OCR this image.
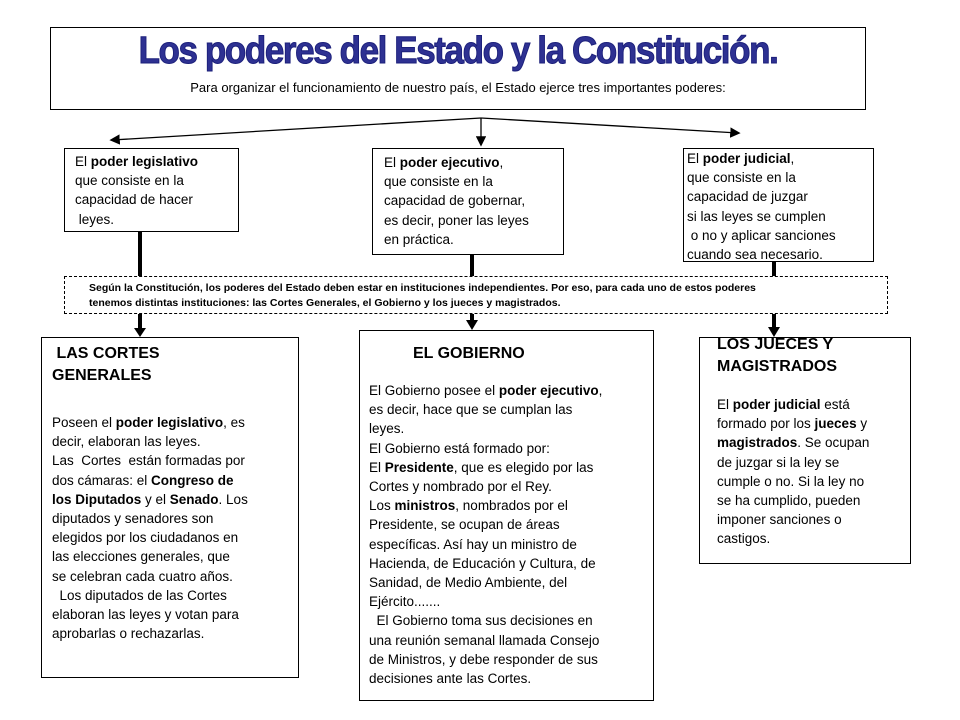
Los poderes del Estado y la Constitución.
Para organizar el funcionamiento de nuestro país, el Estado ejerce tres importantes poderes:
El poder legislativo
que consiste en la
capacidad de hacer
leyes.
El poder ejecutivo,
que consiste en la
capacidad de gobernar,
es decir, poner las leyes
en práctica.
El poder judicial,
que consiste en la
capacidad de juzgar
si las leyes se cumplen
o no y aplicar sanciones
cuando sea necesario.
Según la Constitución, los poderes del Estado deben estar en instituciones independientes. Por eso, para cada uno de estos poderes
tenemos distintas instituciones: las Cortes Generales, el Gobierno y los jueces y magistrados.
LAS CORTES
GENERALES
Poseen el poder legislativo, es
decir, elaboran las leyes.
Las  Cortes  están formadas por
dos cámaras: el Congreso de
los Diputados y el Senado. Los
diputados y senadores son
elegidos por los ciudadanos en
las elecciones generales, que
se celebran cada cuatro años.
Los diputados de las Cortes
elaboran las leyes y votan para
aprobarlas o rechazarlas.
EL GOBIERNO
El Gobierno posee el poder ejecutivo,
es decir, hace que se cumplan las
leyes.
El Gobierno está formado por:
El Presidente, que es elegido por las
Cortes y nombrado por el Rey.
Los ministros, nombrados por el
Presidente, se ocupan de áreas
específicas. Así hay un ministro de
Hacienda, de Educación y Cultura, de
Sanidad, de Medio Ambiente, del
Ejército.......
El Gobierno toma sus decisiones en
una reunión semanal llamada Consejo
de Ministros, y debe responder de sus
decisiones ante las Cortes.
LOS JUECES Y
MAGISTRADOS
El poder judicial está
formado por los jueces y
magistrados. Se ocupan
de juzgar si la ley se
cumple o no. Si la ley no
se ha cumplido, pueden
imponer sanciones o
castigos.
